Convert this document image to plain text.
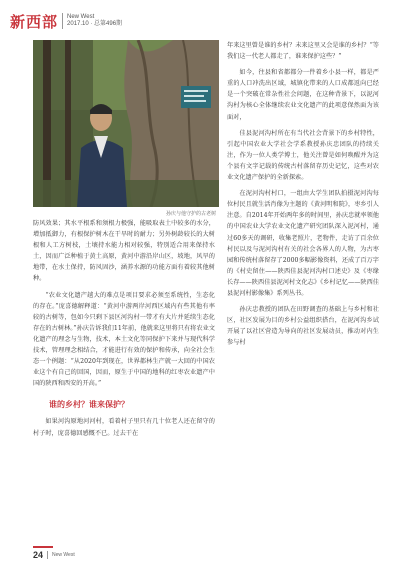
新西部 New West
2017.10 · 总第496期
孙庆与他守护的古老树

防风效果；其水平根系和须根力极强，能吸取表土中较多的水分，增加抵御力，有根保护树木在干旱时的耐力；另外树龄较长的大树根和人工方树枝，土壤持水能力相对较强，特别适合用来保持水土，因而广泛种植于黄土高原，黄河中游沿岸山区，坡地，风旱的地带，在水土保持，防风固沙，涵养水源的功能方面有着较其他树种。

“农业文化遗产越大的难点是项目要求必须至系统性，生态化的存在。”庞喜德解释道：“黄河中游两岸河西区域内有些其他有率较的古树等，包如今只剩下县区河沟村一带才有大片并延续生态化存在的古树林。”孙庆告诉我们11年前，他就来这里将只有将农业文化遗产的理念与生物，技术，本土文化等同保护下来并与现代科学技术，管理理念相结合，才能进行有效的保护和传承，向全社会生态一个例题：“从2020年到现在，世界都林生产就一大回的中国农业这个有自己的回国，因而，原生于中国的地科的红枣农业遗产中国的陕西和西安的开高。”

谁的乡村？谁来保护？

如果河沟原地河河村，看着村子里只有几十位老人还在留守的村子时，庞喜德回感慨不已。过去干在

年来这里曾是谁的乡村？未来这里又会是谁的乡村？“等我们这一代老人都走了，谁来保护这些？”

如今，往县和省都都分一件着乡小县一样，都是严重的人口冲洗出区域，城镇化带来的人口成都返向已经是一个突破在常杂性社会问题，在这种背景下，以泥河沟村为核心全体继续农业文化遗产的此项意保然面为该面对，

佳县泥河沟村所在有当代社会背景下的乡村特性，引起中国农业大学社会学系教授孙庆忠团队的持续关注，作为一位人类学博士，他关注曾是如何唤醒并为这个县有文字记载的传统古村落留存历史记忆，这些对农业文化遗产保护的全新探索。

在泥河沟村村口，一组由大学生团队拍摄泥河沟每位村民且就生活肖像为主题的《黄河明和院》，枣乡引人注意。自2014年开始两年多的时间里，孙庆忠就率领他的中国农业大学农业文化遗产研究团队深入泥河村，通过60多天的调研，收集老照片，老物件，走访了百余位村民以及与泥河沟村有关的社会各界人的人物，为古枣园和传统村落留存了2000多幅影像资料，还成了百万字的《村史留住——陕西佳县泥河沟村口述史》及《枣缘长存——陕西佳县泥河村文化志》《乡村记忆——陕西佳县泥河村影像集》系列丛书。

孙庆忠教授的团队在田野调查的基础上与乡村和社区，社区发展为目的乡村公益组织搭台，在泥河沟乡试开展了以社区营造为导向的社区发展动员，推动对内生参与村

24 New West
